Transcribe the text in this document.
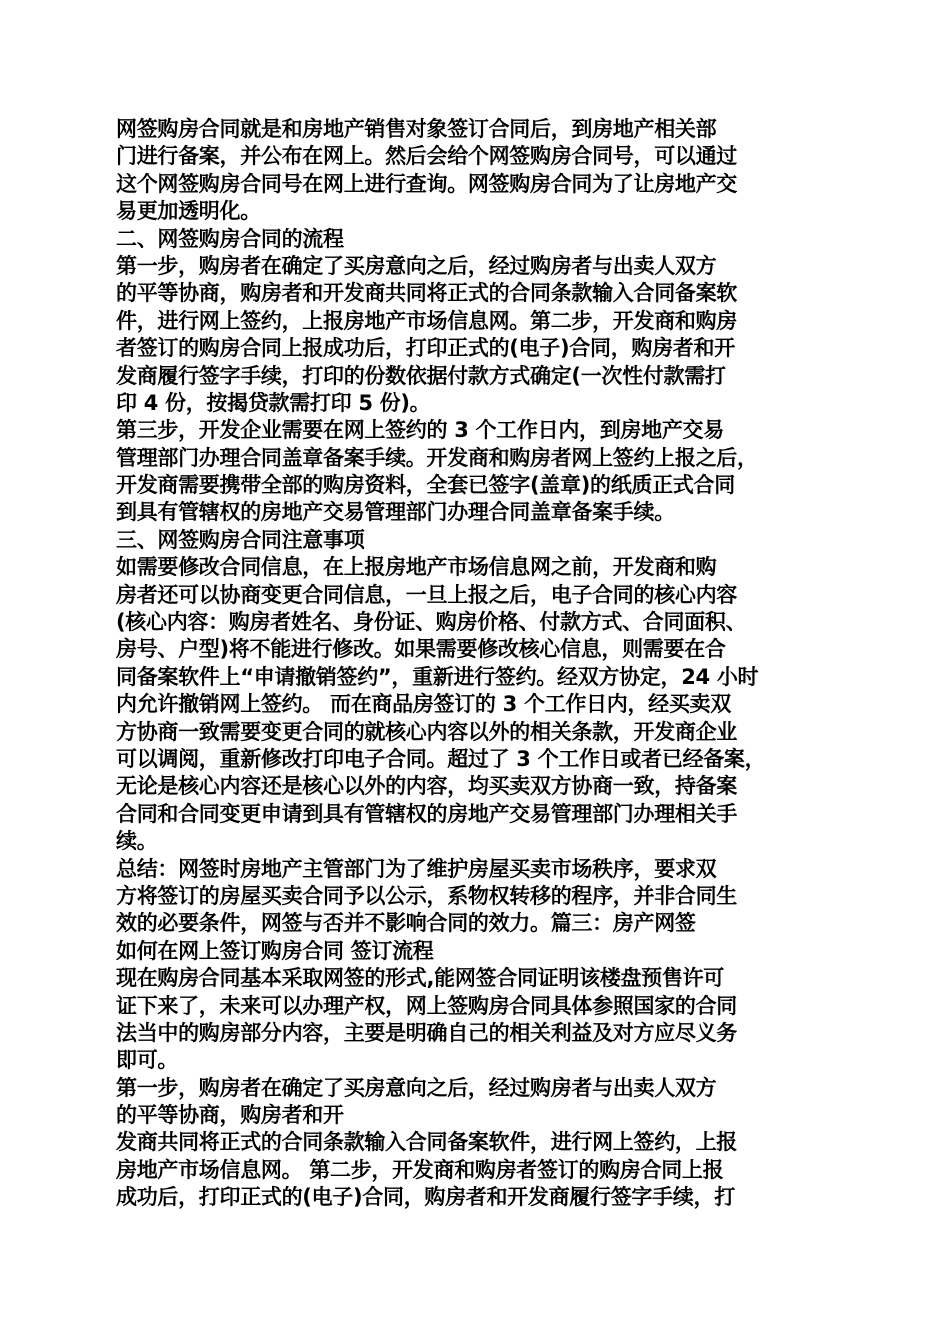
网签购房合同就是和房地产销售对象签订合同后，到房地产相关部
门进行备案，并公布在网上。然后会给个网签购房合同号，可以通过
这个网签购房合同号在网上进行查询。网签购房合同为了让房地产交
易更加透明化。
二、网签购房合同的流程
第一步，购房者在确定了买房意向之后，经过购房者与出卖人双方
的平等协商，购房者和开发商共同将正式的合同条款输入合同备案软
件，进行网上签约，上报房地产市场信息网。第二步，开发商和购房
者签订的购房合同上报成功后，打印正式的(电子)合同，购房者和开
发商履行签字手续，打印的份数依据付款方式确定(一次性付款需打
印 4 份，按揭贷款需打印 5 份)。
第三步，开发企业需要在网上签约的 3 个工作日内，到房地产交易
管理部门办理合同盖章备案手续。开发商和购房者网上签约上报之后，
开发商需要携带全部的购房资料，全套已签字(盖章)的纸质正式合同
到具有管辖权的房地产交易管理部门办理合同盖章备案手续。
三、网签购房合同注意事项
如需要修改合同信息，在上报房地产市场信息网之前，开发商和购
房者还可以协商变更合同信息，一旦上报之后，电子合同的核心内容
(核心内容：购房者姓名、身份证、购房价格、付款方式、合同面积、
房号、户型)将不能进行修改。如果需要修改核心信息，则需要在合
同备案软件上“申请撤销签约”，重新进行签约。经双方协定，24 小时
内允许撤销网上签约。 而在商品房签订的 3 个工作日内，经买卖双
方协商一致需要变更合同的就核心内容以外的相关条款，开发商企业
可以调阅，重新修改打印电子合同。超过了 3 个工作日或者已经备案，
无论是核心内容还是核心以外的内容，均买卖双方协商一致，持备案
合同和合同变更申请到具有管辖权的房地产交易管理部门办理相关手
续。
总结：网签时房地产主管部门为了维护房屋买卖市场秩序，要求双
方将签订的房屋买卖合同予以公示，系物权转移的程序，并非合同生
效的必要条件，网签与否并不影响合同的效力。篇三：房产网签
如何在网上签订购房合同 签订流程
现在购房合同基本采取网签的形式,能网签合同证明该楼盘预售许可
证下来了，未来可以办理产权，网上签购房合同具体参照国家的合同
法当中的购房部分内容，主要是明确自己的相关利益及对方应尽义务
即可。
第一步，购房者在确定了买房意向之后，经过购房者与出卖人双方
的平等协商，购房者和开
发商共同将正式的合同条款输入合同备案软件，进行网上签约，上报
房地产市场信息网。 第二步，开发商和购房者签订的购房合同上报
成功后，打印正式的(电子)合同，购房者和开发商履行签字手续，打
